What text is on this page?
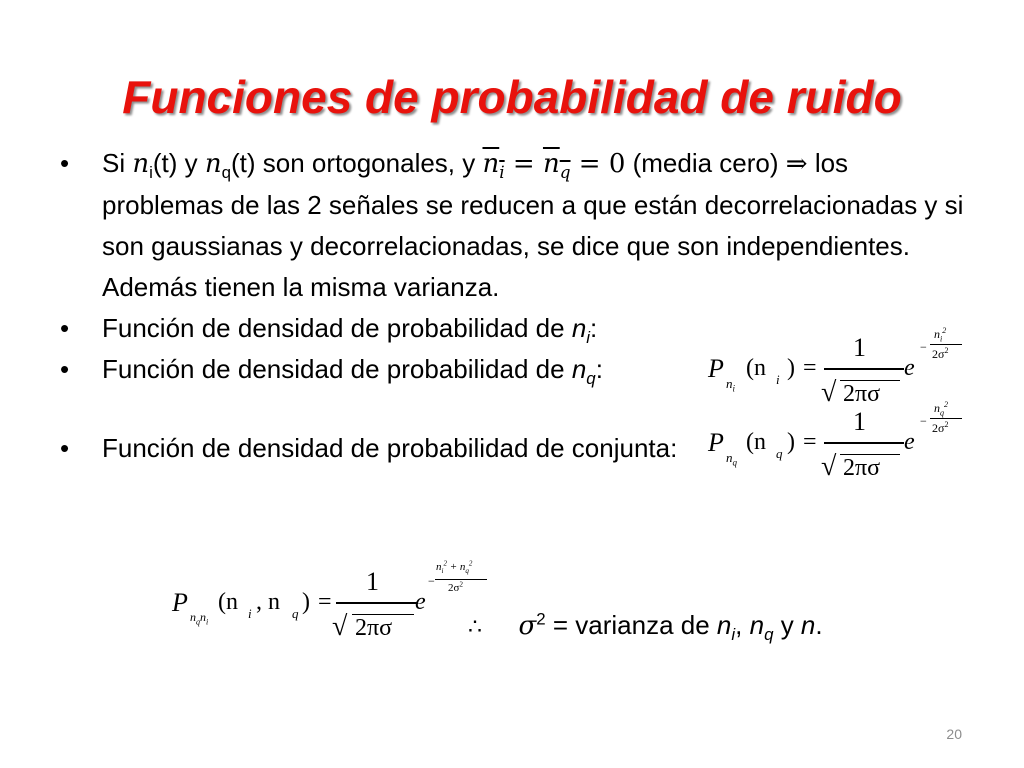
Funciones de probabilidad de ruido
• Si $n_i(t)$ y $n_q(t)$ son ortogonales, y $n_i = n_q = 0$ (media cero) ⇒ los problemas de las 2 señales se reducen a que están decorrelacionadas y si son gaussianas y decorrelacionadas, se dice que son independientes. Además tienen la misma varianza.
• Función de densidad de probabilidad de $n_i$:
• Función de densidad de probabilidad de $n_q$:
• Función de densidad de probabilidad de conjunta:
P
$n_i$
(n i ) =
1
√ 2πσ
e
−
$n_i^2$
$2\sigma^2$
P
$n_q$
(n q ) =
1
√ 2πσ
e
−
$n_q^2$
$2\sigma^2$
P $n_qn_i$
(n i , n q ) =
1
√ 2πσ
e
−
$n_i^2 + n_q^2$
$2\sigma^2$
∴ $\sigma^2$ = varianza de $n_i$, $n_q$ y n.
20
